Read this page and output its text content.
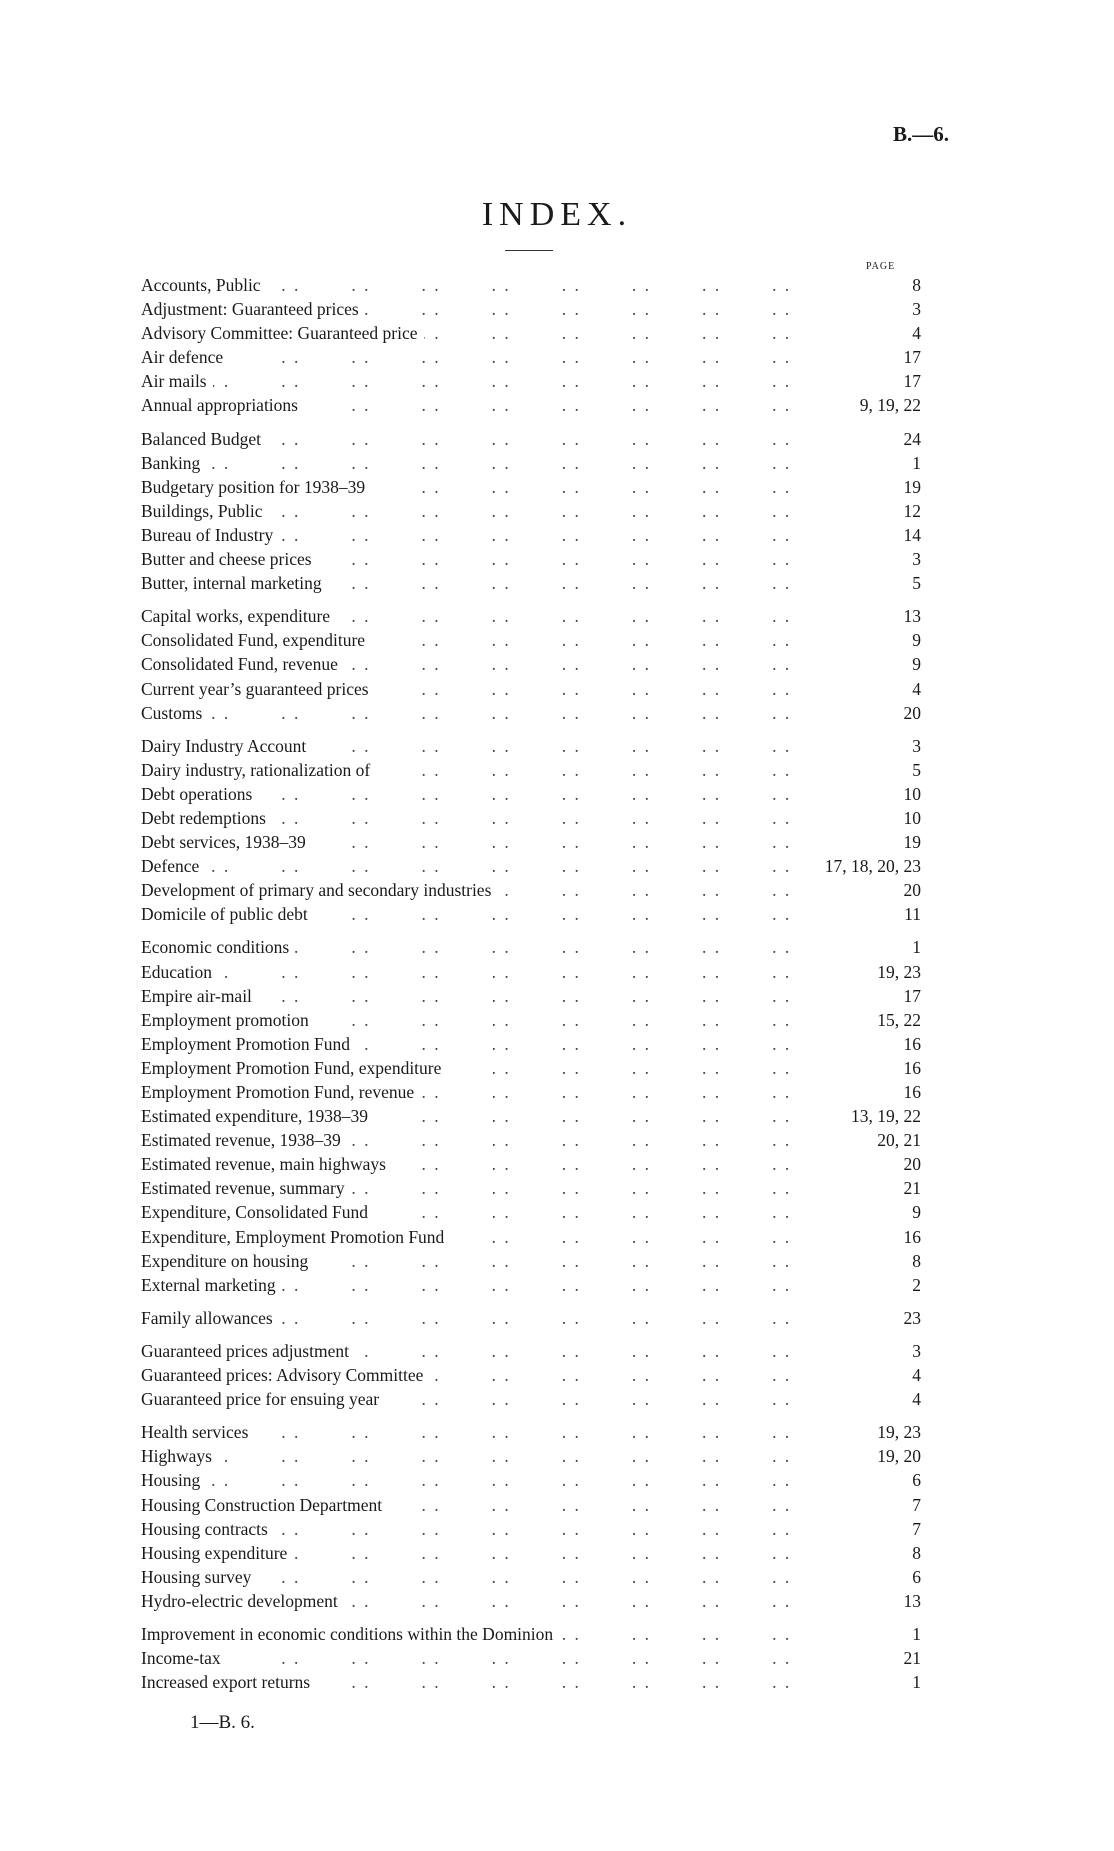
B.—6.
INDEX.
PAGE
. .
Accounts, Public	8
. .
Adjustment: Guaranteed prices	3
. .
Advisory Committee: Guaranteed price	4
. .
Air defence	17
. .
Air mails	17
. .
Annual appropriations	9, 19, 22
. .
Balanced Budget	24
. .
Banking	1
. .
Budgetary position for 1938–39	19
. .
Buildings, Public	12
. .
Bureau of Industry	14
. .
Butter and cheese prices	3
. .
Butter, internal marketing	5
. .
Capital works, expenditure	13
. .
Consolidated Fund, expenditure	9
. .
Consolidated Fund, revenue	9
. .
Current year’s guaranteed prices	4
. .
Customs	20
. .
Dairy Industry Account	3
. .
Dairy industry, rationalization of	5
. .
Debt operations	10
. .
Debt redemptions	10
. .
Debt services, 1938–39	19
. .
Defence	17, 18, 20, 23
. .
Development of primary and secondary industries	20
. .
Domicile of public debt	11
. .
Economic conditions	1
. .
Education	19, 23
. .
Empire air-mail	17
. .
Employment promotion	15, 22
. .
Employment Promotion Fund	16
. .
Employment Promotion Fund, expenditure	16
. .
Employment Promotion Fund, revenue	16
. .
Estimated expenditure, 1938–39	13, 19, 22
. .
Estimated revenue, 1938–39	20, 21
. .
Estimated revenue, main highways	20
. .
Estimated revenue, summary	21
. .
Expenditure, Consolidated Fund	9
. .
Expenditure, Employment Promotion Fund	16
. .
Expenditure on housing	8
. .
External marketing	2
. .
Family allowances	23
. .
Guaranteed prices adjustment	3
. .
Guaranteed prices: Advisory Committee	4
. .
Guaranteed price for ensuing year	4
. .
Health services	19, 23
. .
Highways	19, 20
. .
Housing	6
. .
Housing Construction Department	7
. .
Housing contracts	7
. .
Housing expenditure	8
. .
Housing survey	6
. .
Hydro-electric development	13
. .
Improvement in economic conditions within the Dominion	1
. .
Income-tax	21
. .
Increased export returns	1
1—B. 6.
